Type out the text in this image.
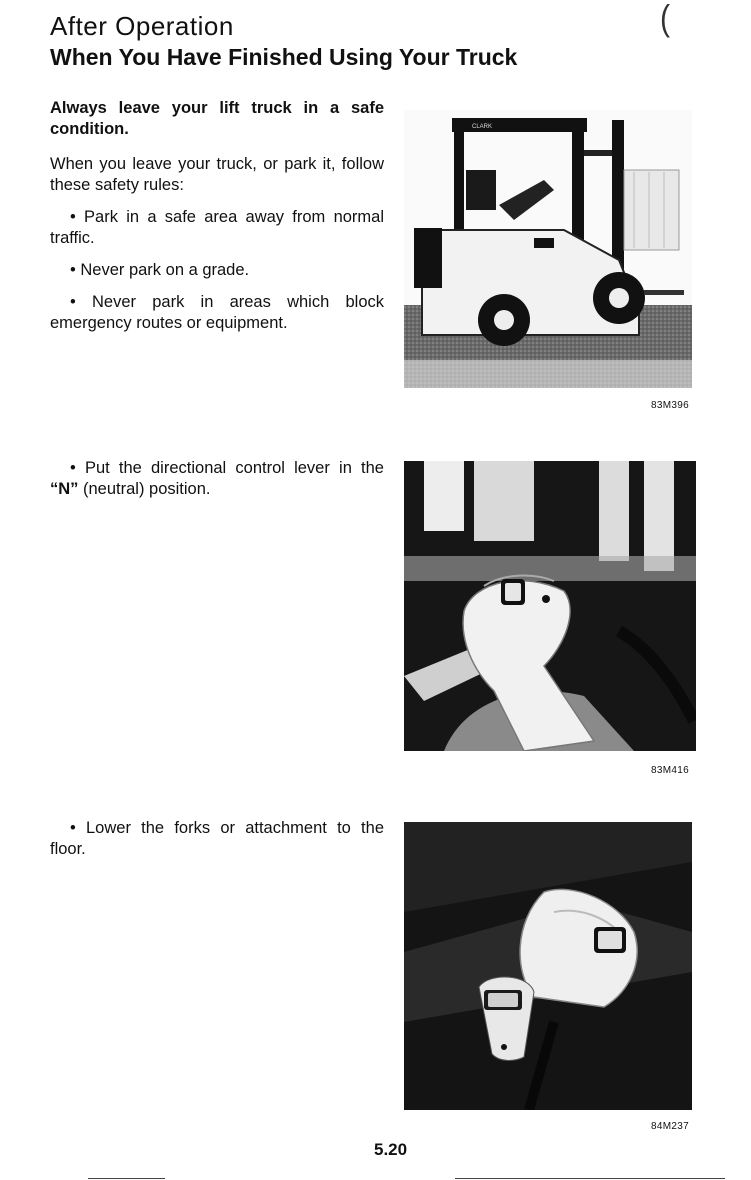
(
After Operation
When You Have Finished Using Your Truck

Always leave your lift truck in a safe condition.

When you leave your truck, or park it, follow these safety rules:

• Park in a safe area away from normal traffic.

• Never park on a grade.

• Never park in areas which block emergency routes or equipment.

CLARK
83M396

• Put the directional control lever in the “N” (neutral) position.

83M416

• Lower the forks or attachment to the floor.

84M237
5.20
